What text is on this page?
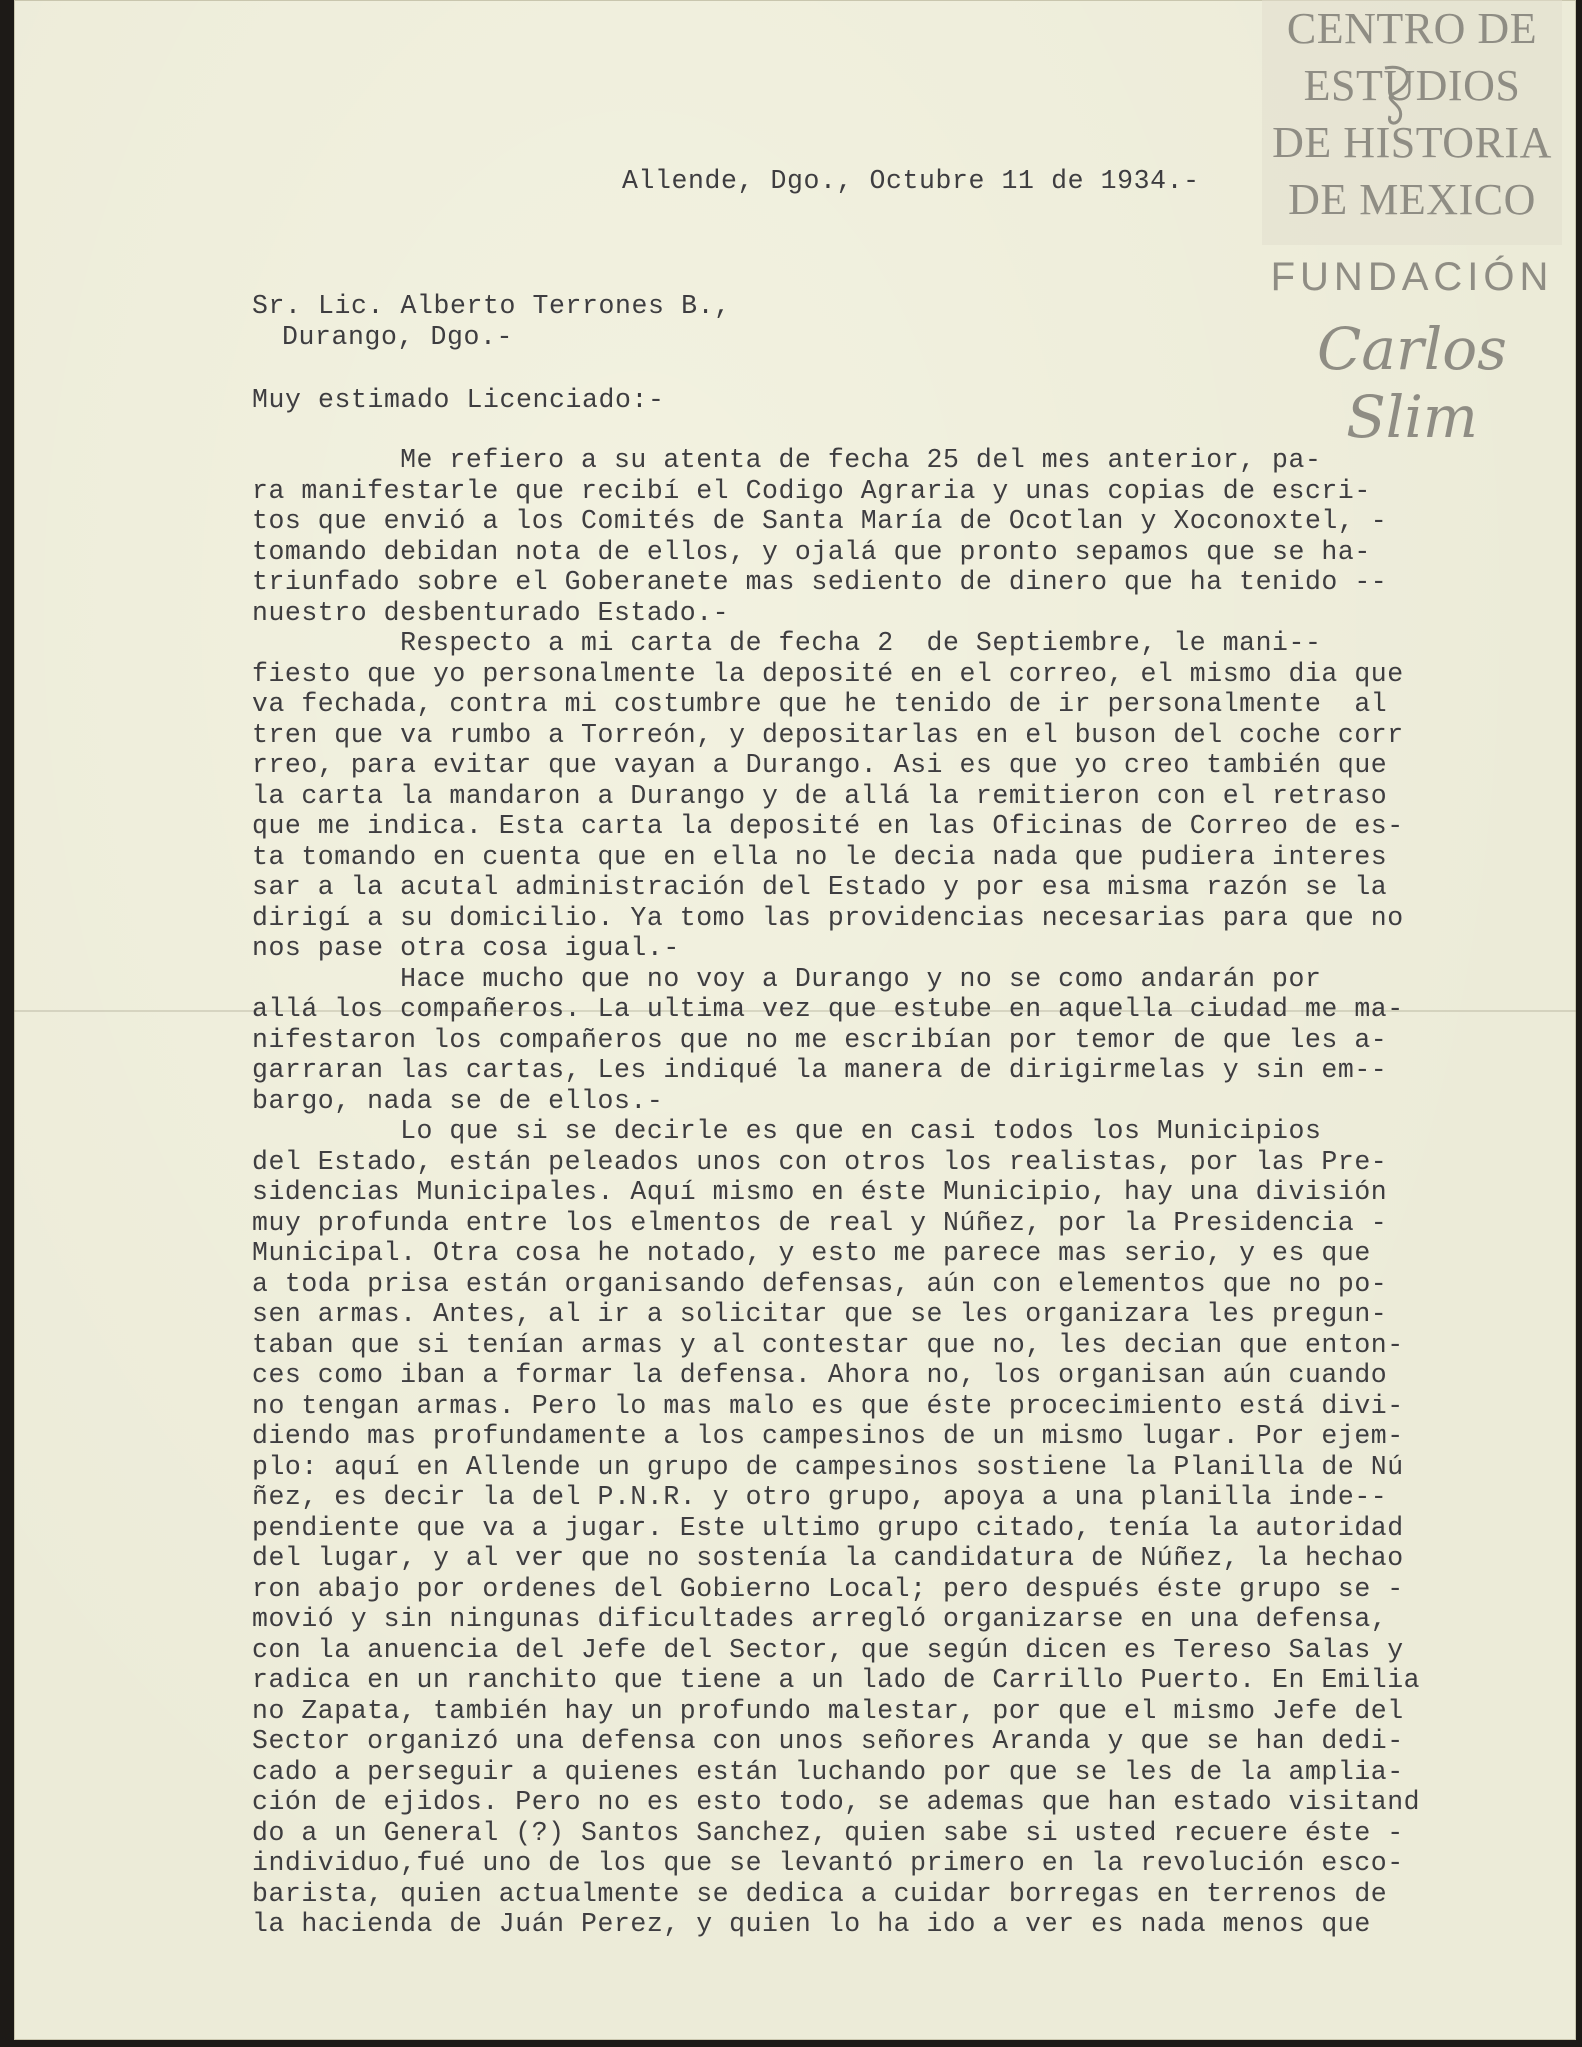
CENTRO DE
ESTUDIOS
DE HISTORIA
DE MEXICO
FUNDACIÓN
Carlos Slim
Allende, Dgo., Octubre 11 de 1934.-
Sr. Lic. Alberto Terrones B.,
Durango, Dgo.-
Muy estimado Licenciado:-
Me refiero a su atenta de fecha 25 del mes anterior, pa-
ra manifestarle que recibí el Codigo Agraria y unas copias de escri-
tos que envió a los Comités de Santa María de Ocotlan y Xoconoxtel, -
tomando debidan nota de ellos, y ojalá que pronto sepamos que se ha-
triunfado sobre el Goberanete mas sediento de dinero que ha tenido --
nuestro desbenturado Estado.-
Respecto a mi carta de fecha 2  de Septiembre, le mani--
fiesto que yo personalmente la deposité en el correo, el mismo dia que
va fechada, contra mi costumbre que he tenido de ir personalmente  al
tren que va rumbo a Torreón, y depositarlas en el buson del coche corr
rreo, para evitar que vayan a Durango. Asi es que yo creo también que
la carta la mandaron a Durango y de allá la remitieron con el retraso
que me indica. Esta carta la deposité en las Oficinas de Correo de es-
ta tomando en cuenta que en ella no le decia nada que pudiera interes
sar a la acutal administración del Estado y por esa misma razón se la
dirigí a su domicilio. Ya tomo las providencias necesarias para que no
nos pase otra cosa igual.-
Hace mucho que no voy a Durango y no se como andarán por
allá los compañeros. La ultima vez que estube en aquella ciudad me ma-
nifestaron los compañeros que no me escribían por temor de que les a-
garraran las cartas, Les indiqué la manera de dirigirmelas y sin em--
bargo, nada se de ellos.-
Lo que si se decirle es que en casi todos los Municipios
del Estado, están peleados unos con otros los realistas, por las Pre-
sidencias Municipales. Aquí mismo en éste Municipio, hay una división
muy profunda entre los elmentos de real y Núñez, por la Presidencia -
Municipal. Otra cosa he notado, y esto me parece mas serio, y es que
a toda prisa están organisando defensas, aún con elementos que no po-
sen armas. Antes, al ir a solicitar que se les organizara les pregun-
taban que si tenían armas y al contestar que no, les decian que enton-
ces como iban a formar la defensa. Ahora no, los organisan aún cuando
no tengan armas. Pero lo mas malo es que éste procecimiento está divi-
diendo mas profundamente a los campesinos de un mismo lugar. Por ejem-
plo: aquí en Allende un grupo de campesinos sostiene la Planilla de Nú
ñez, es decir la del P.N.R. y otro grupo, apoya a una planilla inde--
pendiente que va a jugar. Este ultimo grupo citado, tenía la autoridad
del lugar, y al ver que no sostenía la candidatura de Núñez, la hechao
ron abajo por ordenes del Gobierno Local; pero después éste grupo se -
movió y sin ningunas dificultades arregló organizarse en una defensa,
con la anuencia del Jefe del Sector, que según dicen es Tereso Salas y
radica en un ranchito que tiene a un lado de Carrillo Puerto. En Emilia
no Zapata, también hay un profundo malestar, por que el mismo Jefe del
Sector organizó una defensa con unos señores Aranda y que se han dedi-
cado a perseguir a quienes están luchando por que se les de la amplia-
ción de ejidos. Pero no es esto todo, se ademas que han estado visitand
do a un General (?) Santos Sanchez, quien sabe si usted recuere éste -
individuo,fué uno de los que se levantó primero en la revolución esco-
barista, quien actualmente se dedica a cuidar borregas en terrenos de
la hacienda de Juán Perez, y quien lo ha ido a ver es nada menos que
